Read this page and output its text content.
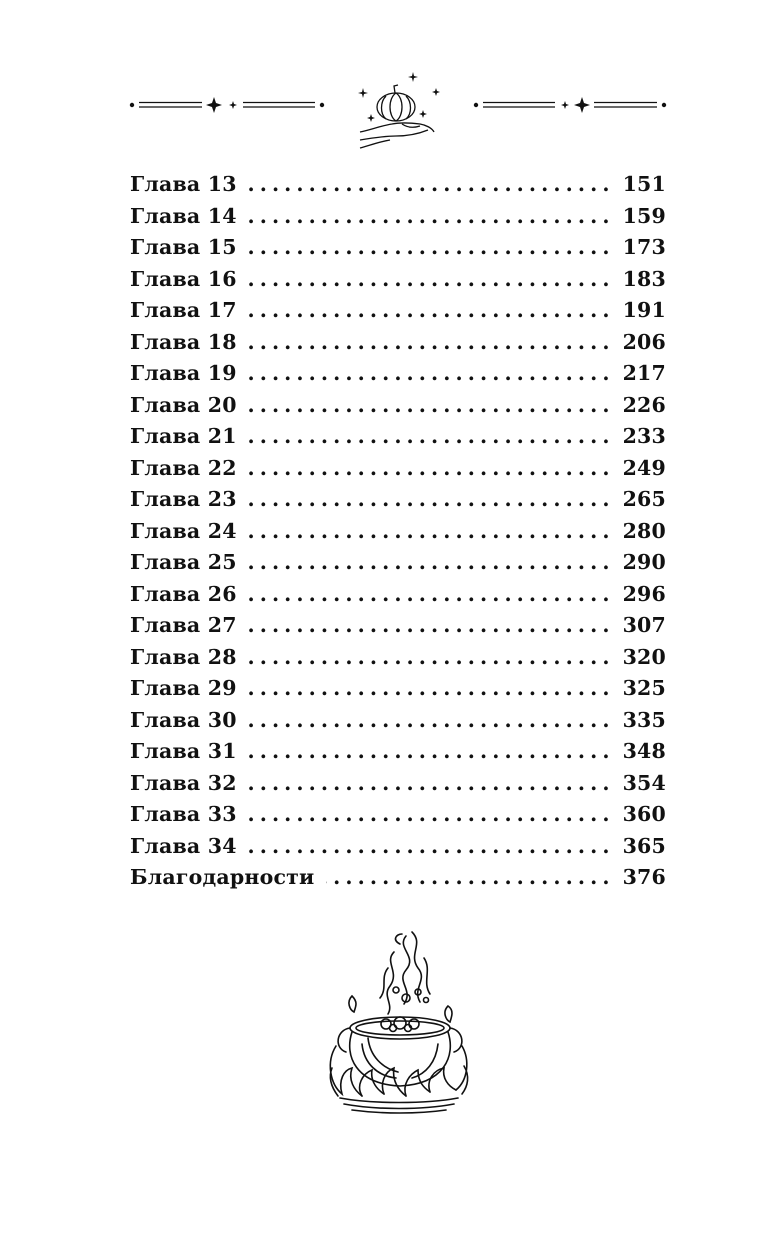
Глава 13 .....	151
Глава 14 .....	159
Глава 15 .....	173
Глава 16 .....	183
Глава 17 .....	191
Глава 18 .....	206
Глава 19 .....	217
Глава 20 .....	226
Глава 21 .....	233
Глава 22 .....	249
Глава 23 .....	265
Глава 24 .....	280
Глава 25 .....	290
Глава 26 .....	296
Глава 27 .....	307
Глава 28 .....	320
Глава 29 .....	325
Глава 30 .....	335
Глава 31 .....	348
Глава 32 .....	354
Глава 33 .....	360
Глава 34 .....	365
Благодарности .....	376
